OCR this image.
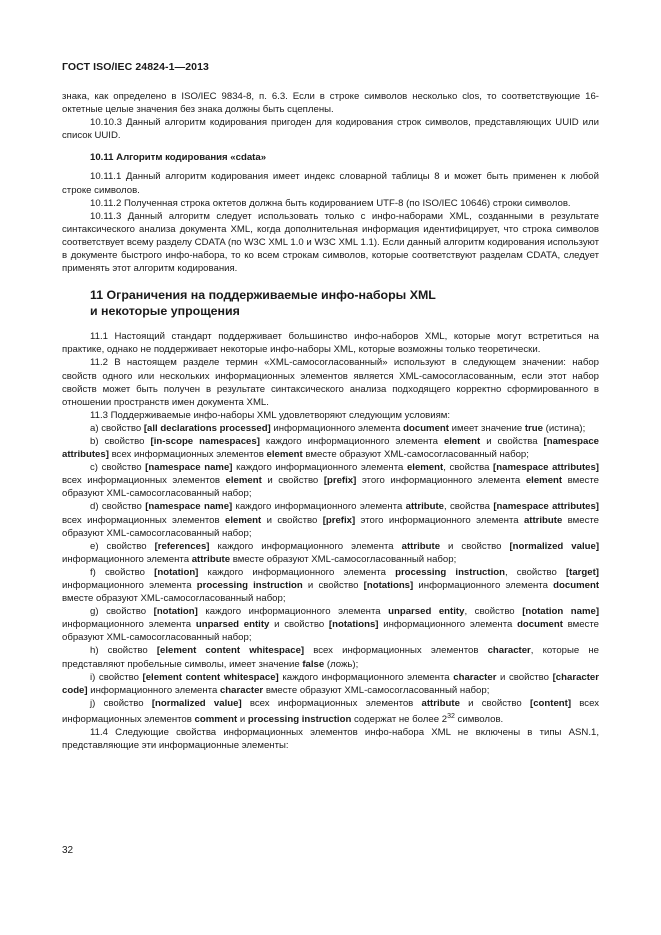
ГОСТ ISO/IEC 24824-1—2013

знака, как определено в ISO/IEC 9834-8, п. 6.3. Если в строке символов несколько clos, то соответствующие 16-октетные целые значения без знака должны быть сцеплены.

10.10.3 Данный алгоритм кодирования пригоден для кодирования строк символов, представляющих UUID или список UUID.

10.11 Алгоритм кодирования «cdata»

10.11.1 Данный алгоритм кодирования имеет индекс словарной таблицы 8 и может быть применен к любой строке символов.

10.11.2 Полученная строка октетов должна быть кодированием UTF-8 (по ISO/IEC 10646) строки символов.

10.11.3 Данный алгоритм следует использовать только с инфо-наборами XML, созданными в результате синтаксического анализа документа XML, когда дополнительная информация идентифицирует, что строка символов соответствует всему разделу CDATA (по W3C XML 1.0 и W3C XML 1.1). Если данный алгоритм кодирования используют в документе быстрого инфо-набора, то ко всем строкам символов, которые соответствуют разделам CDATA, следует применять этот алгоритм кодирования.

11 Ограничения на поддерживаемые инфо-наборы XML
и некоторые упрощения

11.1 Настоящий стандарт поддерживает большинство инфо-наборов XML, которые могут встретиться на практике, однако не поддерживает некоторые инфо-наборы XML, которые возможны только теоретически.

11.2 В настоящем разделе термин «XML-самосогласованный» используют в следующем значении: набор свойств одного или нескольких информационных элементов является XML-самосогласованным, если этот набор свойств может быть получен в результате синтаксического анализа подходящего корректно сформированного в отношении пространств имен документа XML.

11.3 Поддерживаемые инфо-наборы XML удовлетворяют следующим условиям:

а) свойство [all declarations processed] информационного элемента document имеет значение true (истина);

b) свойство [in-scope namespaces] каждого информационного элемента element и свойства [namespace attributes] всех информационных элементов element вместе образуют XML-самосогласованный набор;

с) свойство [namespace name] каждого информационного элемента element, свойства [namespace attributes] всех информационных элементов element и свойство [prefix] этого информационного элемента element вместе образуют XML-самосогласованный набор;

d) свойство [namespace name] каждого информационного элемента attribute, свойства [namespace attributes] всех информационных элементов element и свойство [prefix] этого информационного элемента attribute вместе образуют XML-самосогласованный набор;

е) свойство [references] каждого информационного элемента attribute и свойство [normalized value] информационного элемента attribute вместе образуют XML-самосогласованный набор;

f) свойство [notation] каждого информационного элемента processing instruction, свойство [target] информационного элемента processing instruction и свойство [notations] информационного элемента document вместе образуют XML-самосогласованный набор;

g) свойство [notation] каждого информационного элемента unparsed entity, свойство [notation name] информационного элемента unparsed entity и свойство [notations] информационного элемента document вместе образуют XML-самосогласованный набор;

h) свойство [element content whitespace] всех информационных элементов character, которые не представляют пробельные символы, имеет значение false (ложь);

i) свойство [element content whitespace] каждого информационного элемента character и свойство [character code] информационного элемента character вместе образуют XML-самосогласованный набор;

j) свойство [normalized value] всех информационных элементов attribute и свойство [content] всех информационных элементов comment и processing instruction содержат не более $2^{32}$ символов.

11.4 Следующие свойства информационных элементов инфо-набора XML не включены в типы ASN.1, представляющие эти информационные элементы:

32
